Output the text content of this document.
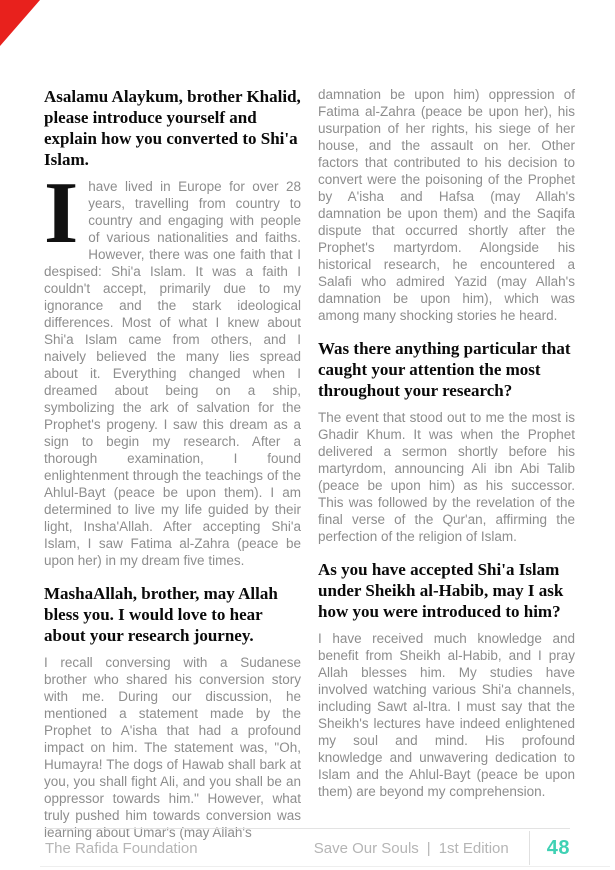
Asalamu Alaykum, brother Khalid, please introduce yourself and explain how you converted to Shi'a Islam.

Ihave lived in Europe for over 28 years, travelling from country to country and engaging with people of various nationalities and faiths. However, there was one faith that I despised: Shi'a Islam. It was a faith I couldn't accept, primarily due to my ignorance and the stark ideological differences. Most of what I knew about Shi'a Islam came from others, and I naively believed the many lies spread about it. Everything changed when I dreamed about being on a ship, symbolizing the ark of salvation for the Prophet's progeny. I saw this dream as a sign to begin my research. After a thorough examination, I found enlightenment through the teachings of the Ahlul-Bayt (peace be upon them). I am determined to live my life guided by their light, Insha'Allah. After accepting Shi'a Islam, I saw Fatima al-Zahra (peace be upon her) in my dream five times.

MashaAllah, brother, may Allah bless you. I would love to hear about your research journey.

I recall conversing with a Sudanese brother who shared his conversion story with me. During our discussion, he mentioned a statement made by the Prophet to A'isha that had a profound impact on him. The statement was, "Oh, Humayra! The dogs of Hawab shall bark at you, you shall fight Ali, and you shall be an oppressor towards him." However, what truly pushed him towards conversion was learning about Umar's (may Allah's

damnation be upon him) oppression of Fatima al-Zahra (peace be upon her), his usurpation of her rights, his siege of her house, and the assault on her. Other factors that contributed to his decision to convert were the poisoning of the Prophet by A'isha and Hafsa (may Allah's damnation be upon them) and the Saqifa dispute that occurred shortly after the Prophet's martyrdom. Alongside his historical research, he encountered a Salafi who admired Yazid (may Allah's damnation be upon him), which was among many shocking stories he heard.

Was there anything particular that caught your attention the most throughout your research?

The event that stood out to me the most is Ghadir Khum. It was when the Prophet delivered a sermon shortly before his martyrdom, announcing Ali ibn Abi Talib (peace be upon him) as his successor. This was followed by the revelation of the final verse of the Qur'an, affirming the perfection of the religion of Islam.

As you have accepted Shi'a Islam under Sheikh al-Habib, may I ask how you were introduced to him?

I have received much knowledge and benefit from Sheikh al-Habib, and I pray Allah blesses him. My studies have involved watching various Shi'a channels, including Sawt al-Itra. I must say that the Sheikh's lectures have indeed enlightened my soul and mind. His profound knowledge and unwavering dedication to Islam and the Ahlul-Bayt (peace be upon them) are beyond my comprehension.

The Rafida Foundation	Save Our Souls | 1st Edition 48
